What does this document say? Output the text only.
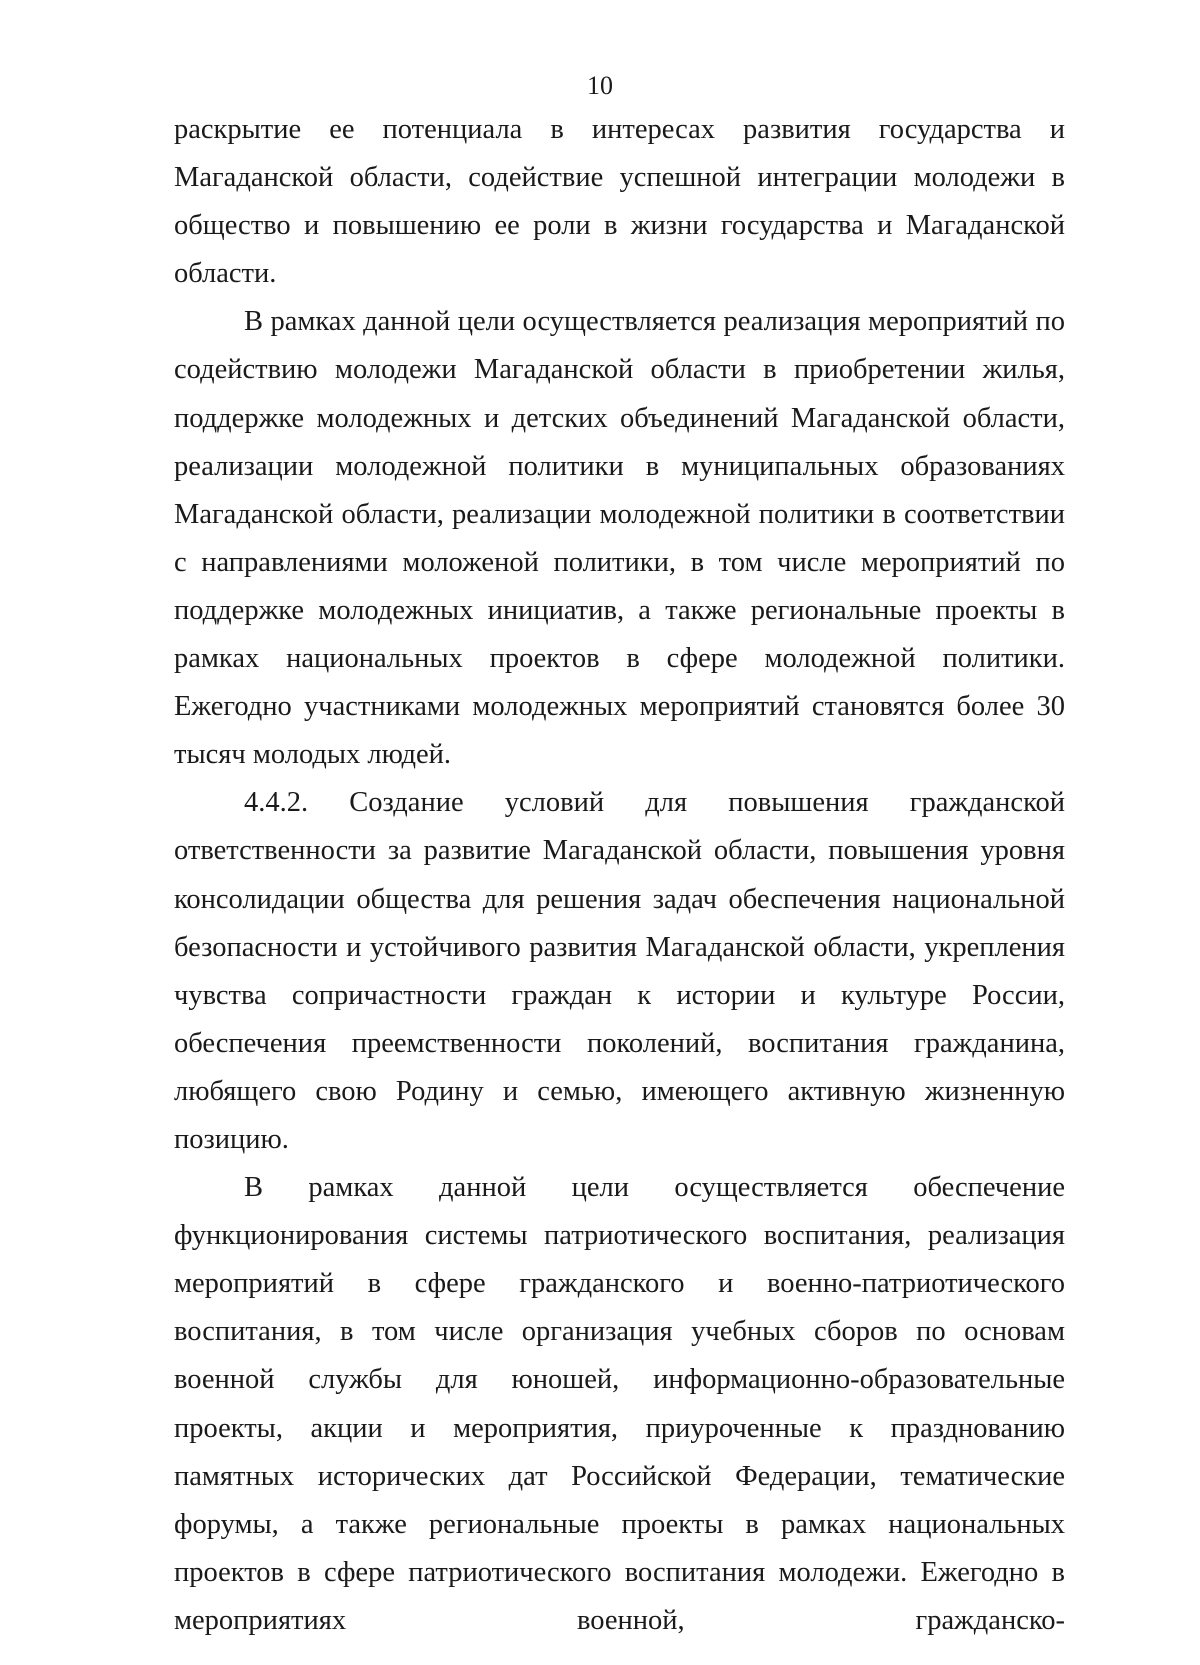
10

раскрытие ее потенциала в интересах развития государства и Магаданской области, содействие успешной интеграции молодежи в общество и повышению ее роли в жизни государства и Магаданской области.

В рамках данной цели осуществляется реализация мероприятий по содействию молодежи Магаданской области в приобретении жилья, поддержке молодежных и детских объединений Магаданской области, реализации молодежной политики в муниципальных образованиях Магаданской области, реализации молодежной политики в соответствии с направлениями моложеной политики, в том числе мероприятий по поддержке молодежных инициатив, а также региональные проекты в рамках национальных проектов в сфере молодежной политики. Ежегодно участниками молодежных мероприятий становятся более 30 тысяч молодых людей.

4.4.2. Создание условий для повышения гражданской ответственности за развитие Магаданской области, повышения уровня консолидации общества для решения задач обеспечения национальной безопасности и устойчивого развития Магаданской области, укрепления чувства сопричастности граждан к истории и культуре России, обеспечения преемственности поколений, воспитания гражданина, любящего свою Родину и семью, имеющего активную жизненную позицию.

В рамках данной цели осуществляется обеспечение функционирования системы патриотического воспитания, реализация мероприятий в сфере гражданского и военно-патриотического воспитания, в том числе организация учебных сборов по основам военной службы для юношей, информационно-образовательные проекты, акции и мероприятия, приуроченные к празднованию памятных исторических дат Российской Федерации, тематические форумы, а также региональные проекты в рамках национальных проектов в сфере патриотического воспитания молодежи. Ежегодно в мероприятиях военной, гражданско-
